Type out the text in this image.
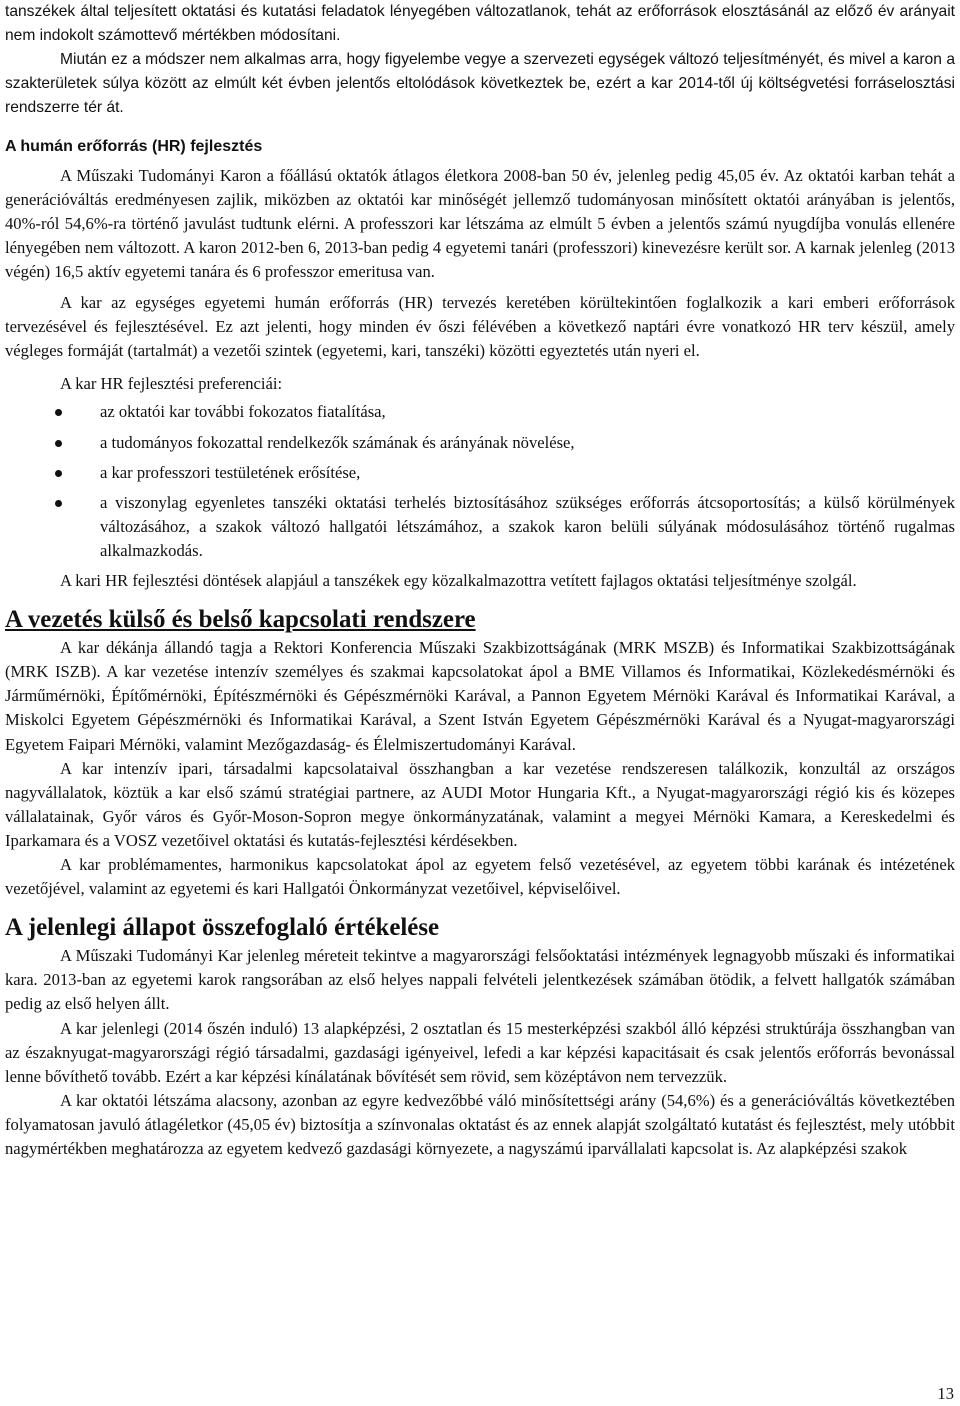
tanszékek által teljesített oktatási és kutatási feladatok lényegében változatlanok, tehát az erőforrások elosztásánál az előző év arányait nem indokolt számottevő mértékben módosítani.

Miután ez a módszer nem alkalmas arra, hogy figyelembe vegye a szervezeti egységek változó teljesítményét, és mivel a karon a szakterületek súlya között az elmúlt két évben jelentős eltolódások következtek be, ezért a kar 2014-től új költségvetési forráselosztási rendszerre tér át.

A humán erőforrás (HR) fejlesztés

A Műszaki Tudományi Karon a főállású oktatók átlagos életkora 2008-ban 50 év, jelenleg pedig 45,05 év. Az oktatói karban tehát a generációváltás eredményesen zajlik, miközben az oktatói kar minőségét jellemző tudományosan minősített oktatói arányában is jelentős, 40%-ról 54,6%-ra történő javulást tudtunk elérni. A professzori kar létszáma az elmúlt 5 évben a jelentős számú nyugdíjba vonulás ellenére lényegében nem változott. A karon 2012-ben 6, 2013-ban pedig 4 egyetemi tanári (professzori) kinevezésre került sor. A karnak jelenleg (2013 végén) 16,5 aktív egyetemi tanára és 6 professzor emeritusa van.

A kar az egységes egyetemi humán erőforrás (HR) tervezés keretében körültekintően foglalkozik a kari emberi erőforrások tervezésével és fejlesztésével. Ez azt jelenti, hogy minden év őszi félévében a következő naptári évre vonatkozó HR terv készül, amely végleges formáját (tartalmát) a vezetői szintek (egyetemi, kari, tanszéki) közötti egyeztetés után nyeri el.

A kar HR fejlesztési preferenciái:

az oktatói kar további fokozatos fiatalítása,
a tudományos fokozattal rendelkezők számának és arányának növelése,
a kar professzori testületének erősítése,
a viszonylag egyenletes tanszéki oktatási terhelés biztosításához szükséges erőforrás átcsoportosítás; a külső körülmények változásához, a szakok változó hallgatói létszámához, a szakok karon belüli súlyának módosulásához történő rugalmas alkalmazkodás.

A kari HR fejlesztési döntések alapjául a tanszékek egy közalkalmazottra vetített fajlagos oktatási teljesítménye szolgál.

A vezetés külső és belső kapcsolati rendszere

A kar dékánja állandó tagja a Rektori Konferencia Műszaki Szakbizottságának (MRK MSZB) és Informatikai Szakbizottságának (MRK ISZB). A kar vezetése intenzív személyes és szakmai kapcsolatokat ápol a BME Villamos és Informatikai, Közlekedésmérnöki és Járműmérnöki, Építőmérnöki, Építészmérnöki és Gépészmérnöki Karával, a Pannon Egyetem Mérnöki Karával és Informatikai Karával, a Miskolci Egyetem Gépészmérnöki és Informatikai Karával, a Szent István Egyetem Gépészmérnöki Karával és a Nyugat-magyarországi Egyetem Faipari Mérnöki, valamint Mezőgazdaság- és Élelmiszertudományi Karával.

A kar intenzív ipari, társadalmi kapcsolataival összhangban a kar vezetése rendszeresen találkozik, konzultál az országos nagyvállalatok, köztük a kar első számú stratégiai partnere, az AUDI Motor Hungaria Kft., a Nyugat-magyarországi régió kis és közepes vállalatainak, Győr város és Győr-Moson-Sopron megye önkormányzatának, valamint a megyei Mérnöki Kamara, a Kereskedelmi és Iparkamara és a VOSZ vezetőivel oktatási és kutatás-fejlesztési kérdésekben.

A kar problémamentes, harmonikus kapcsolatokat ápol az egyetem felső vezetésével, az egyetem többi karának és intézetének vezetőjével, valamint az egyetemi és kari Hallgatói Önkormányzat vezetőivel, képviselőivel.

A jelenlegi állapot összefoglaló értékelése

A Műszaki Tudományi Kar jelenleg méreteit tekintve a magyarországi felsőoktatási intézmények legnagyobb műszaki és informatikai kara. 2013-ban az egyetemi karok rangsorában az első helyes nappali felvételi jelentkezések számában ötödik, a felvett hallgatók számában pedig az első helyen állt.

A kar jelenlegi (2014 őszén induló) 13 alapképzési, 2 osztatlan és 15 mesterképzési szakból álló képzési struktúrája összhangban van az északnyugat-magyarországi régió társadalmi, gazdasági igényeivel, lefedi a kar képzési kapacitásait és csak jelentős erőforrás bevonással lenne bővíthető tovább. Ezért a kar képzési kínálatának bővítését sem rövid, sem középtávon nem tervezzük.

A kar oktatói létszáma alacsony, azonban az egyre kedvezőbbé váló minősítettségi arány (54,6%) és a generációváltás következtében folyamatosan javuló átlagéletkor (45,05 év) biztosítja a színvonalas oktatást és az ennek alapját szolgáltató kutatást és fejlesztést, mely utóbbit nagymértékben meghatározza az egyetem kedvező gazdasági környezete, a nagyszámú iparvállalati kapcsolat is. Az alapképzési szakok

13
